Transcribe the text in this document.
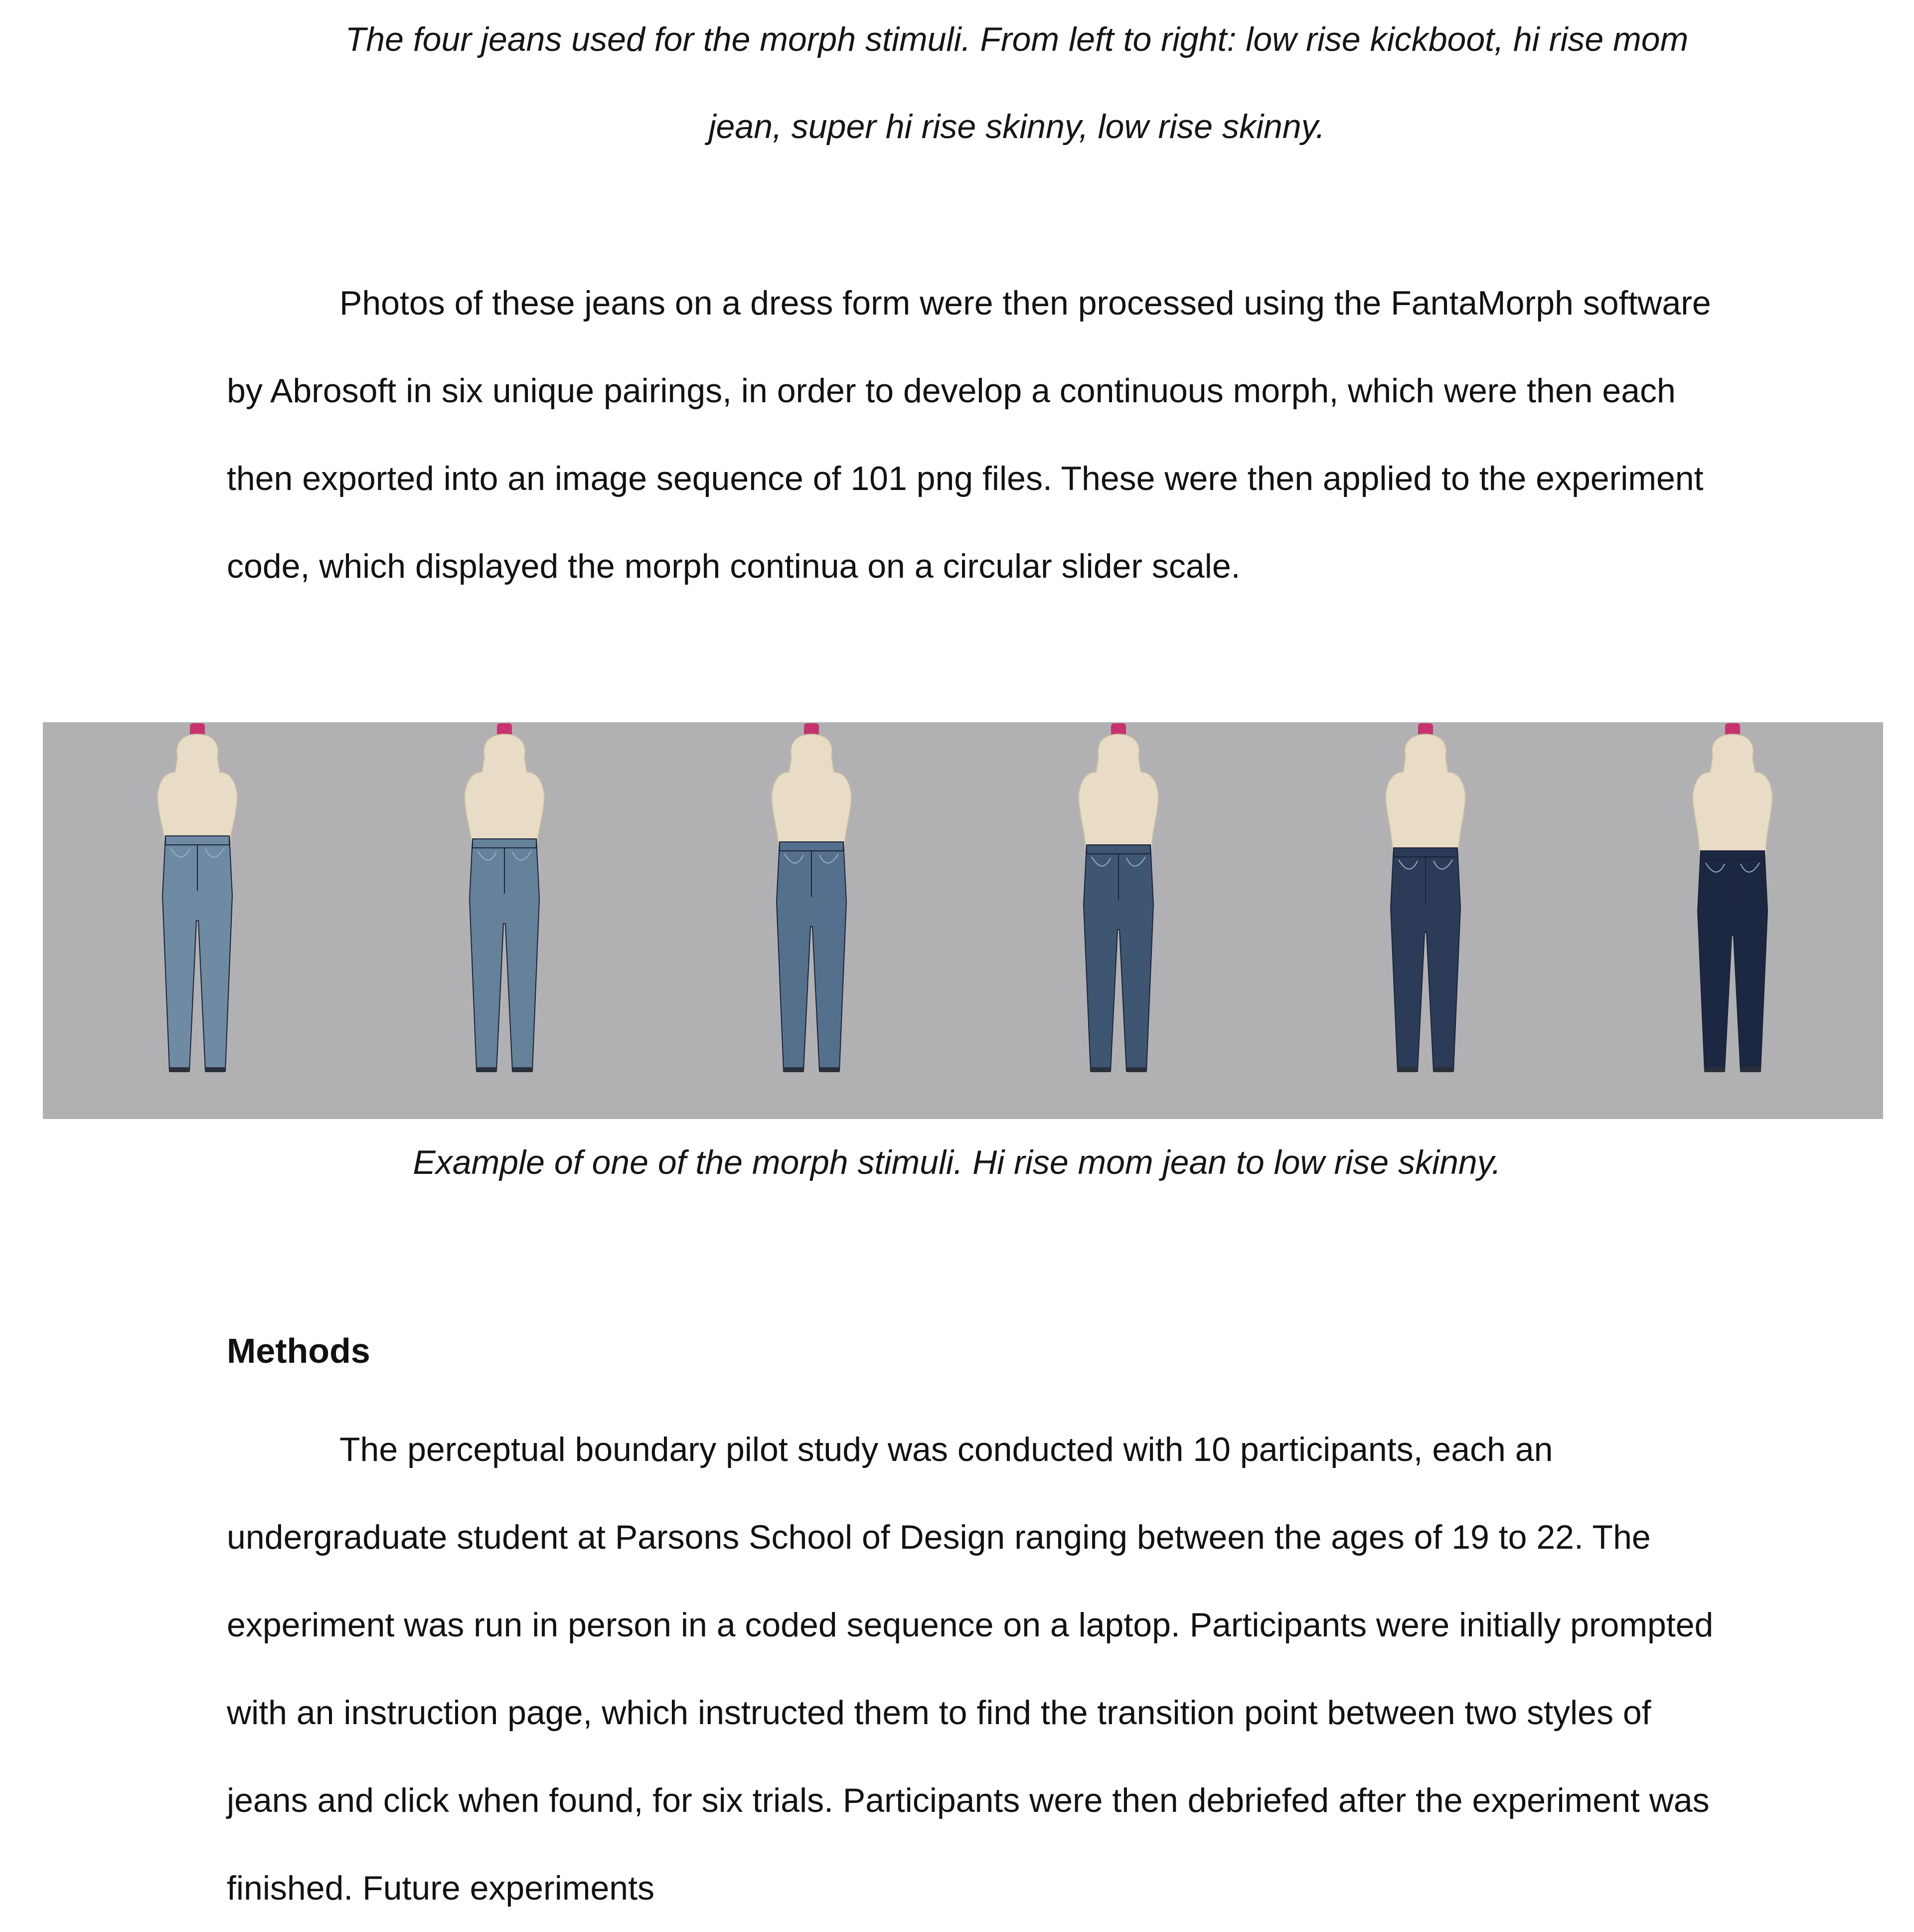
The four jeans used for the morph stimuli. From left to right: low rise kickboot, hi rise mom jean, super hi rise skinny, low rise skinny.
Photos of these jeans on a dress form were then processed using the FantaMorph software by Abrosoft in six unique pairings, in order to develop a continuous morph, which were then each then exported into an image sequence of 101 png files. These were then applied to the experiment code, which displayed the morph continua on a circular slider scale.
Example of one of the morph stimuli. Hi rise mom jean to low rise skinny.
Methods
The perceptual boundary pilot study was conducted with 10 participants, each an undergraduate student at Parsons School of Design ranging between the ages of 19 to 22. The experiment was run in person in a coded sequence on a laptop. Participants were initially prompted with an instruction page, which instructed them to find the transition point between two styles of jeans and click when found, for six trials. Participants were then debriefed after the experiment was finished. Future experiments
